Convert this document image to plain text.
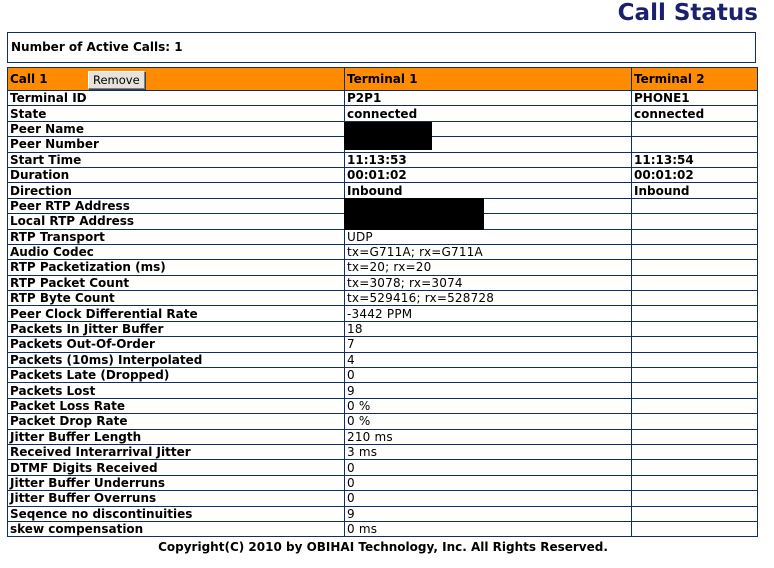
Call Status
Number of Active Calls: 1
Call 1 Remove	Terminal 1	Terminal 2
Terminal ID	P2P1	PHONE1
State	connected	connected
Peer Name		
Peer Number		
Start Time	11:13:53	11:13:54
Duration	00:01:02	00:01:02
Direction	Inbound	Inbound
Peer RTP Address		
Local RTP Address		
RTP Transport	UDP	
Audio Codec	tx=G711A; rx=G711A	
RTP Packetization (ms)	tx=20; rx=20	
RTP Packet Count	tx=3078; rx=3074	
RTP Byte Count	tx=529416; rx=528728	
Peer Clock Differential Rate	-3442 PPM	
Packets In Jitter Buffer	18	
Packets Out-Of-Order	7	
Packets (10ms) Interpolated	4	
Packets Late (Dropped)	0	
Packets Lost	9	
Packet Loss Rate	0 %	
Packet Drop Rate	0 %	
Jitter Buffer Length	210 ms	
Received Interarrival Jitter	3 ms	
DTMF Digits Received	0	
Jitter Buffer Underruns	0	
Jitter Buffer Overruns	0	
Seqence no discontinuities	9	
skew compensation	0 ms	
Copyright(C) 2010 by OBIHAI Technology, Inc. All Rights Reserved.
